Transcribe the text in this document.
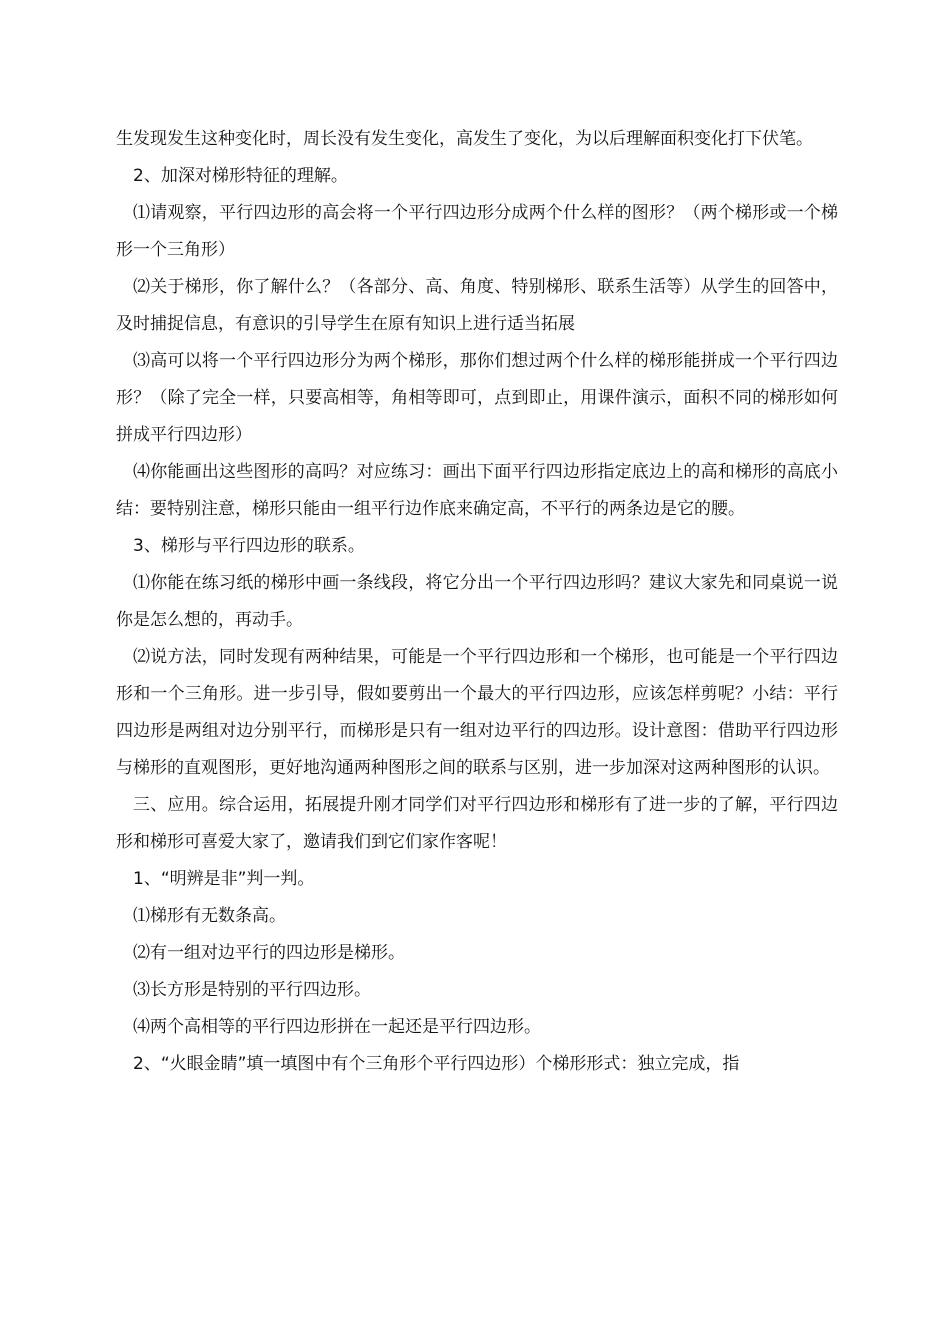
生发现发生这种变化时，周长没有发生变化，高发生了变化，为以后理解面积变化打下伏笔。

2、加深对梯形特征的理解。

⑴请观察，平行四边形的高会将一个平行四边形分成两个什么样的图形？（两个梯形或一个梯形一个三角形）

⑵关于梯形，你了解什么？（各部分、高、角度、特别梯形、联系生活等）从学生的回答中，及时捕捉信息，有意识的引导学生在原有知识上进行适当拓展

⑶高可以将一个平行四边形分为两个梯形，那你们想过两个什么样的梯形能拼成一个平行四边形？（除了完全一样，只要高相等，角相等即可，点到即止，用课件演示，面积不同的梯形如何拼成平行四边形）

⑷你能画出这些图形的高吗？对应练习：画出下面平行四边形指定底边上的高和梯形的高底小结：要特别注意，梯形只能由一组平行边作底来确定高，不平行的两条边是它的腰。

3、梯形与平行四边形的联系。

⑴你能在练习纸的梯形中画一条线段，将它分出一个平行四边形吗？建议大家先和同桌说一说你是怎么想的，再动手。

⑵说方法，同时发现有两种结果，可能是一个平行四边形和一个梯形，也可能是一个平行四边形和一个三角形。进一步引导，假如要剪出一个最大的平行四边形，应该怎样剪呢？小结：平行四边形是两组对边分别平行，而梯形是只有一组对边平行的四边形。设计意图：借助平行四边形与梯形的直观图形，更好地沟通两种图形之间的联系与区别，进一步加深对这两种图形的认识。

三、应用。综合运用，拓展提升刚才同学们对平行四边形和梯形有了进一步的了解，平行四边形和梯形可喜爱大家了，邀请我们到它们家作客呢！

1、“明辨是非”判一判。

⑴梯形有无数条高。

⑵有一组对边平行的四边形是梯形。

⑶长方形是特别的平行四边形。

⑷两个高相等的平行四边形拼在一起还是平行四边形。

2、“火眼金睛”填一填图中有个三角形个平行四边形）个梯形形式：独立完成，指
